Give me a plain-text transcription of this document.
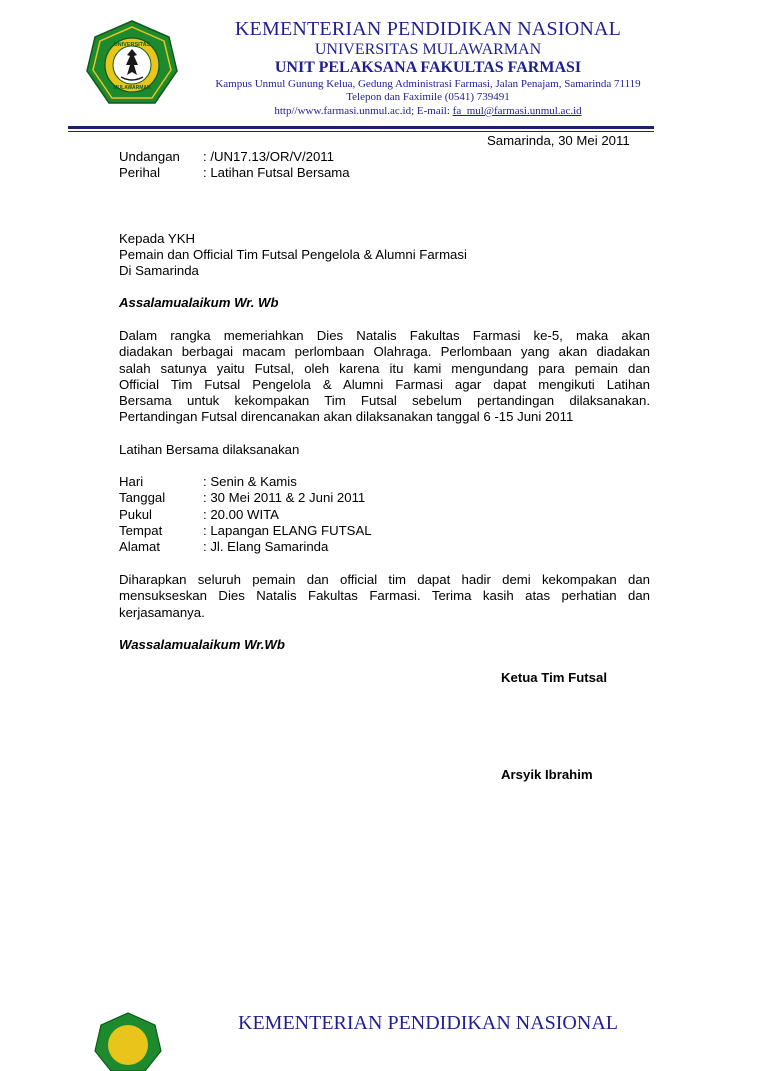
UNIVERSITAS
MULAWARMAN
KEMENTERIAN PENDIDIKAN NASIONAL
UNIVERSITAS MULAWARMAN
UNIT PELAKSANA FAKULTAS FARMASI
Kampus Unmul Gunung Kelua, Gedung Administrasi Farmasi, Jalan Penajam, Samarinda 71119
Telepon dan Faximile (0541) 739491
http//www.farmasi.unmul.ac.id; E-mail: fa_mul@farmasi.unmul.ac.id
Samarinda, 30 Mei 2011
Undangan : /UN17.13/OR/V/2011
Perihal	: Latihan Futsal Bersama
Kepada YKH
Pemain dan Official Tim Futsal Pengelola & Alumni Farmasi
Di Samarinda
Assalamualaikum Wr. Wb
Dalam rangka memeriahkan Dies Natalis Fakultas Farmasi ke-5, maka akan
diadakan berbagai macam perlombaan Olahraga. Perlombaan yang akan diadakan
salah satunya yaitu Futsal, oleh karena itu kami mengundang para pemain dan
Official Tim Futsal Pengelola & Alumni Farmasi agar dapat mengikuti Latihan
Bersama untuk kekompakan Tim Futsal sebelum pertandingan dilaksanakan.
Pertandingan Futsal direncanakan akan dilaksanakan tanggal 6 -15 Juni 2011
Latihan Bersama dilaksanakan
Hari	: Senin & Kamis
Tanggal	: 30 Mei 2011 & 2 Juni 2011
Pukul	: 20.00 WITA
Tempat	: Lapangan ELANG FUTSAL
Alamat	: Jl. Elang Samarinda
Diharapkan seluruh pemain dan official tim dapat hadir demi kekompakan dan
mensukseskan Dies Natalis Fakultas Farmasi. Terima kasih atas perhatian dan
kerjasamanya.
Wassalamualaikum Wr.Wb
Ketua Tim Futsal
Arsyik Ibrahim
KEMENTERIAN PENDIDIKAN NASIONAL
